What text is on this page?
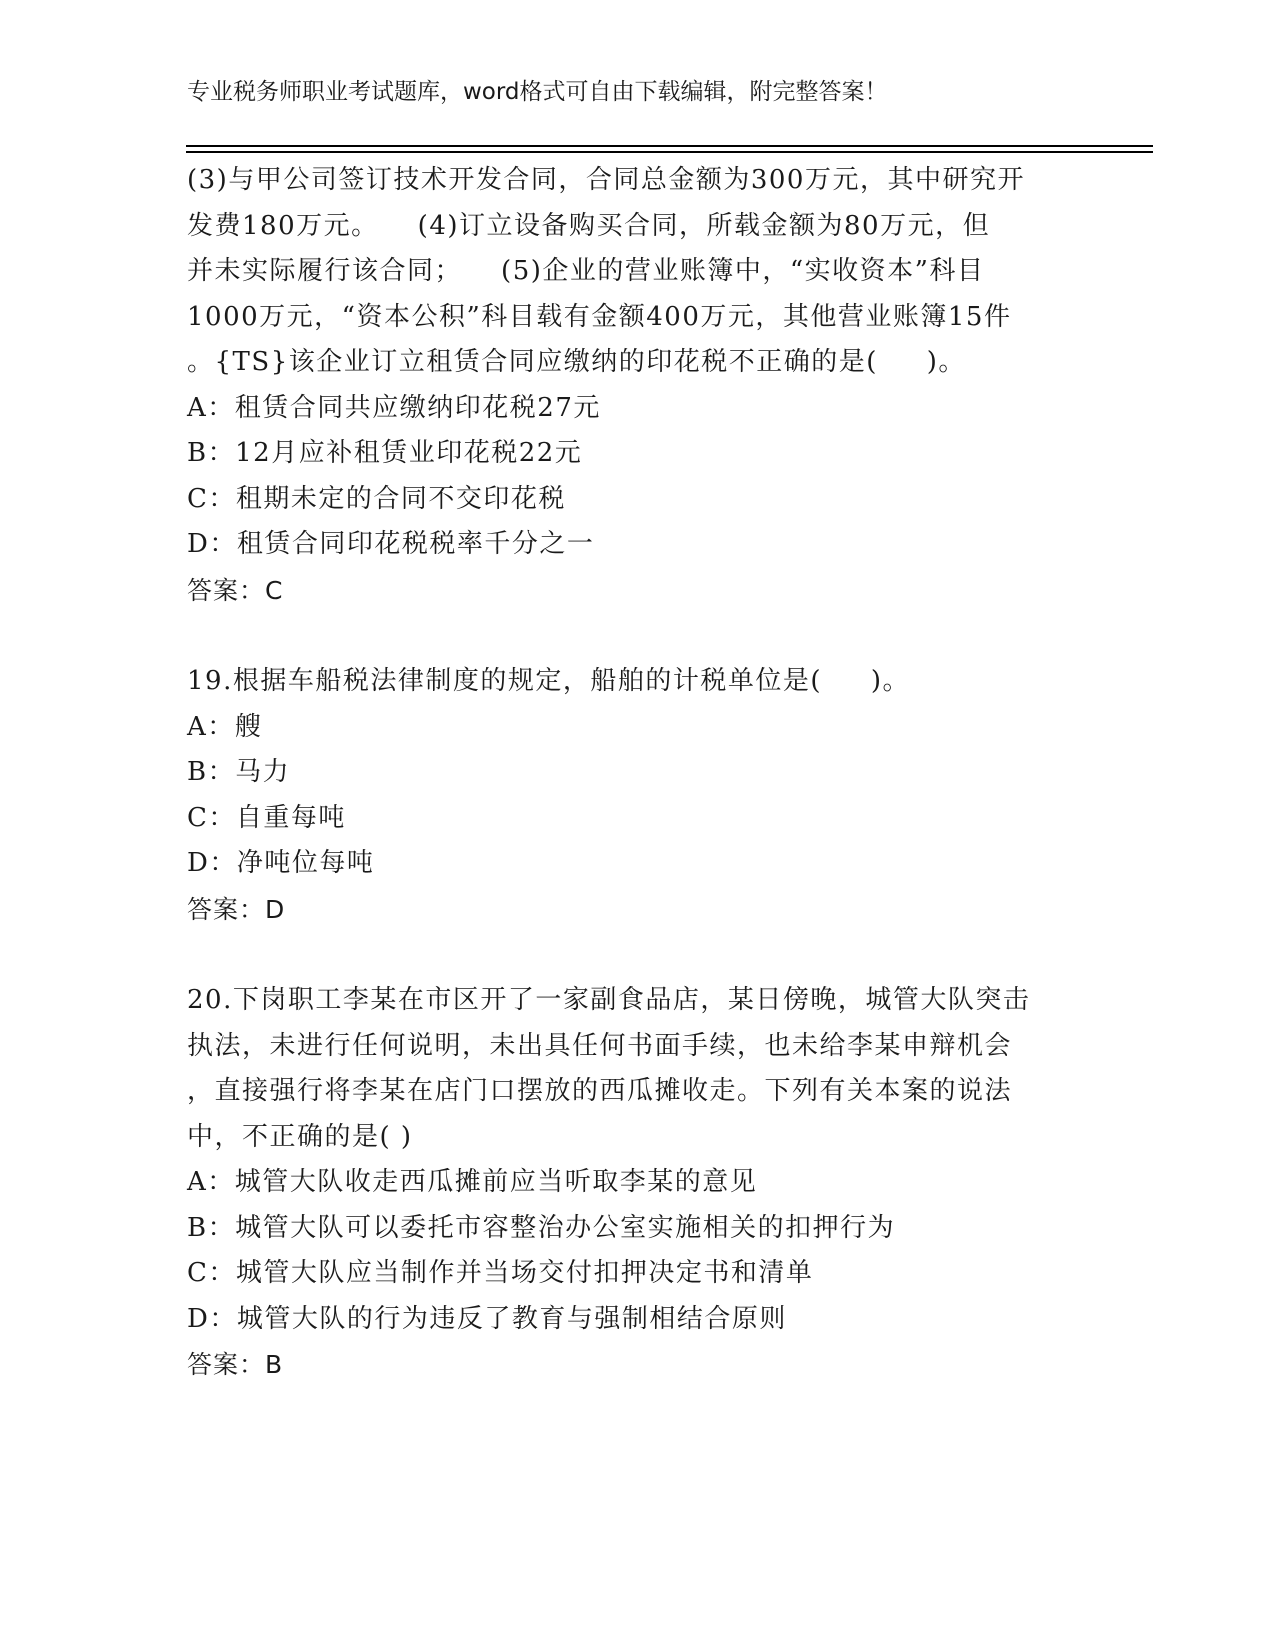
专业税务师职业考试题库，word格式可自由下载编辑，附完整答案！

(3)与甲公司签订技术开发合同，合同总金额为300万元，其中研究开

发费180万元。    (4)订立设备购买合同，所载金额为80万元，但

并未实际履行该合同；    (5)企业的营业账簿中，“实收资本”科目

1000万元，“资本公积”科目载有金额400万元，其他营业账簿15件

。{TS}该企业订立租赁合同应缴纳的印花税不正确的是(     )。

A：租赁合同共应缴纳印花税27元

B：12月应补租赁业印花税22元

C：租期未定的合同不交印花税

D：租赁合同印花税税率千分之一

答案：C

19.根据车船税法律制度的规定，船舶的计税单位是(     )。

A：艘

B：马力

C：自重每吨

D：净吨位每吨

答案：D

20.下岗职工李某在市区开了一家副食品店，某日傍晚，城管大队突击

执法，未进行任何说明，未出具任何书面手续，也未给李某申辩机会

，直接强行将李某在店门口摆放的西瓜摊收走。下列有关本案的说法

中，不正确的是( )

A：城管大队收走西瓜摊前应当听取李某的意见

B：城管大队可以委托市容整治办公室实施相关的扣押行为

C：城管大队应当制作并当场交付扣押决定书和清单

D：城管大队的行为违反了教育与强制相结合原则

答案：B
